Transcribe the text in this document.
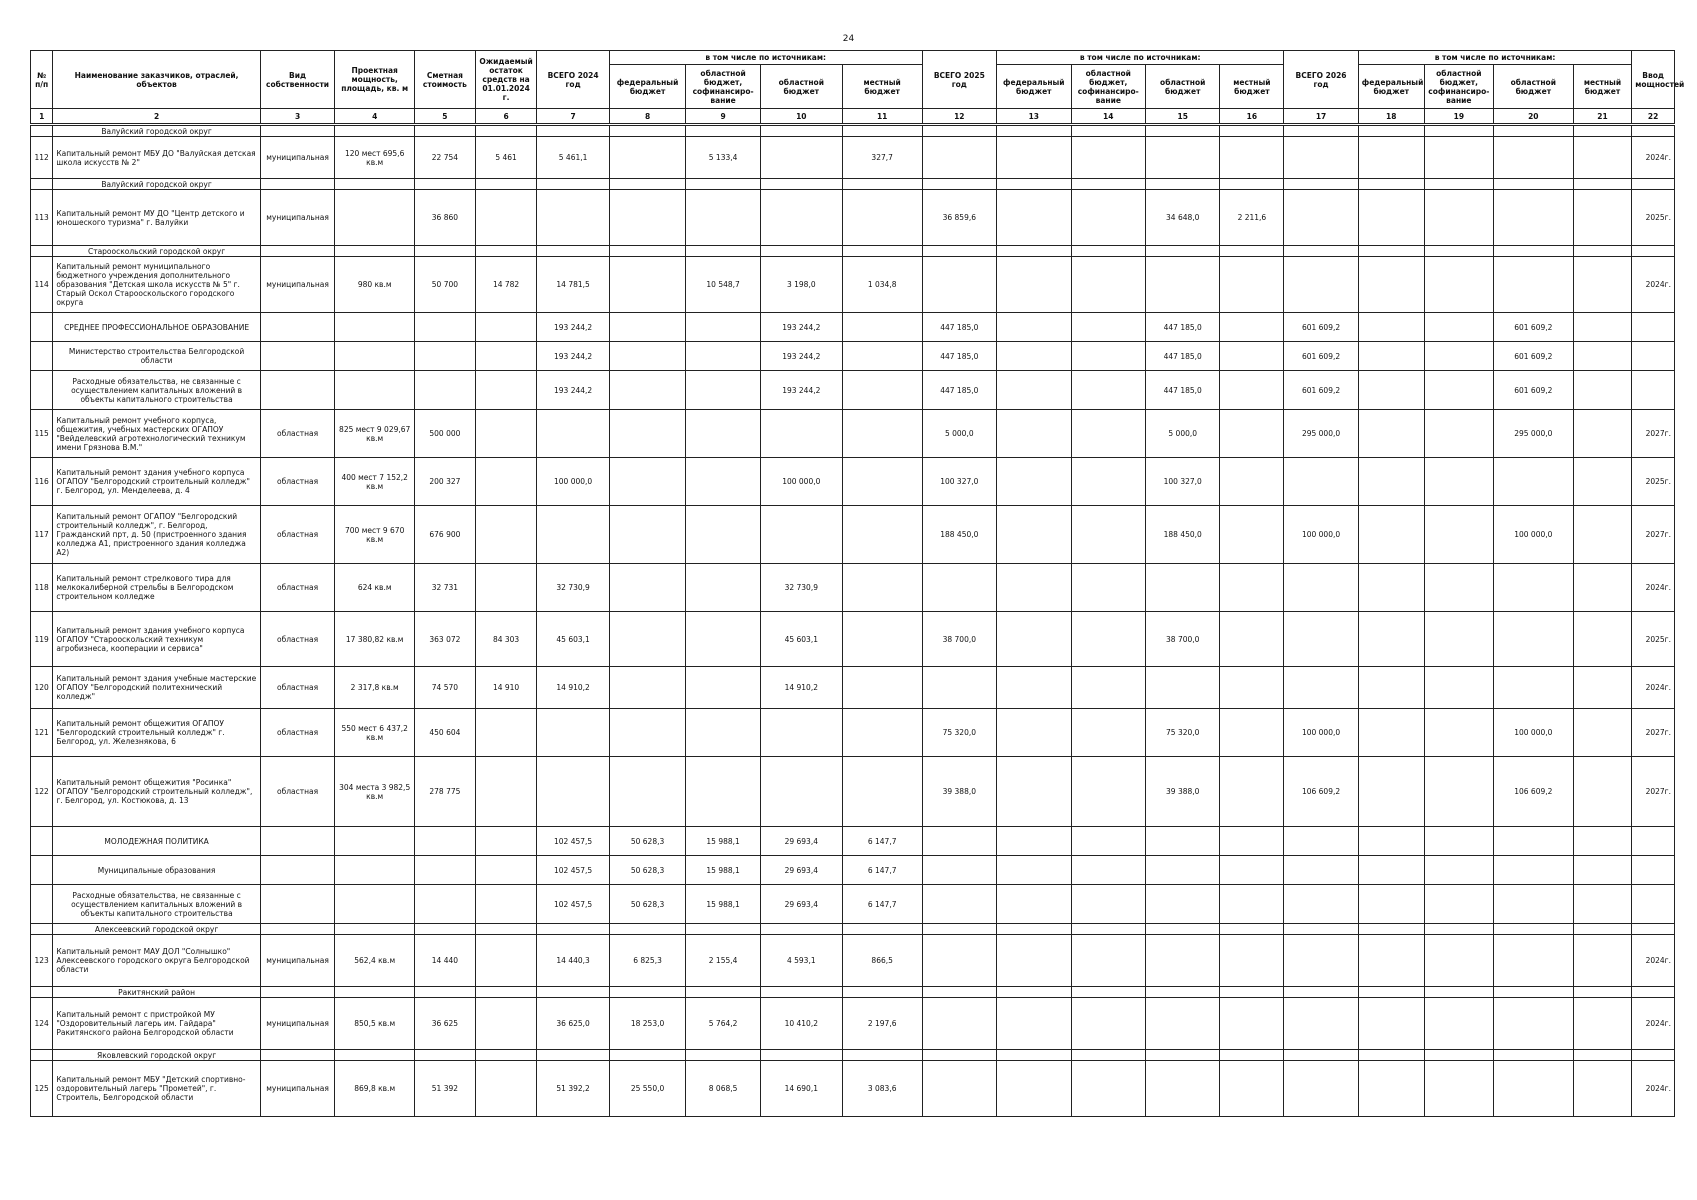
24
№ п/п	Наименование заказчиков, отраслей, объектов	Вид собственности	Проектная мощность, площадь, кв. м	Сметная стоимость	Ожидаемый остаток средств на 01.01.2024 г.	ВСЕГО 2024 год	в том числе по источникам:				ВСЕГО 2025 год	в том числе по источникам:				ВСЕГО 2026 год	в том числе по источникам:				Ввод мощностей
							федеральный бюджет	областной бюджет, софинансиро-вание	областной бюджет	местный бюджет		федеральный бюджет	областной бюджет, софинансиро-вание	областной бюджет	местный бюджет		федеральный бюджет	областной бюджет, софинансиро-вание	областной бюджет	местный бюджет	
1	2	3	4	5	6	7	8	9	10	11	12	13	14	15	16	17	18	19	20	21	22
	Валуйский городской округ																				
112	Капитальный ремонт МБУ ДО "Валуйская детская школа искусств № 2"	муниципальная	120 мест 695,6 кв.м	22 754	5 461	5 461,1		5 133,4		327,7											2024г.
	Валуйский городской округ																				
113	Капитальный ремонт МУ ДО "Центр детского и юношеского туризма" г. Валуйки	муниципальная		36 860							36 859,6			34 648,0	2 211,6						2025г.
	Старооскольский городской округ																				
114	Капитальный ремонт муниципального бюджетного учреждения дополнительного образования "Детская школа искусств № 5" г. Старый Оскол Старооскольского городского округа	муниципальная	980 кв.м	50 700	14 782	14 781,5		10 548,7	3 198,0	1 034,8											2024г.
	СРЕДНЕЕ ПРОФЕССИОНАЛЬНОЕ ОБРАЗОВАНИЕ					193 244,2			193 244,2		447 185,0			447 185,0		601 609,2			601 609,2		
	Министерство строительства Белгородской области					193 244,2			193 244,2		447 185,0			447 185,0		601 609,2			601 609,2		
	Расходные обязательства, не связанные с осуществлением капитальных вложений в объекты капитального строительства					193 244,2			193 244,2		447 185,0			447 185,0		601 609,2			601 609,2		
115	Капитальный ремонт учебного корпуса, общежития, учебных мастерских ОГАПОУ "Вейделевский агротехнологический техникум имени Грязнова В.М."	областная	825 мест 9 029,67 кв.м	500 000							5 000,0			5 000,0		295 000,0			295 000,0		2027г.
116	Капитальный ремонт здания учебного корпуса ОГАПОУ "Белгородский строительный колледж" г. Белгород, ул. Менделеева, д. 4	областная	400 мест 7 152,2 кв.м	200 327		100 000,0			100 000,0		100 327,0			100 327,0							2025г.
117	Капитальный ремонт ОГАПОУ "Белгородский строительный колледж", г. Белгород, Гражданский прт, д. 50 (пристроенного здания колледжа А1, пристроенного здания колледжа А2)	областная	700 мест 9 670 кв.м	676 900							188 450,0			188 450,0		100 000,0			100 000,0		2027г.
118	Капитальный ремонт стрелкового тира для мелкокалиберной стрельбы в Белгородском строительном колледже	областная	624 кв.м	32 731		32 730,9			32 730,9												2024г.
119	Капитальный ремонт здания учебного корпуса ОГАПОУ "Старооскольский техникум агробизнеса, кооперации и сервиса"	областная	17 380,82 кв.м	363 072	84 303	45 603,1			45 603,1		38 700,0			38 700,0							2025г.
120	Капитальный ремонт здания учебные мастерские ОГАПОУ "Белгородский политехнический колледж"	областная	2 317,8 кв.м	74 570	14 910	14 910,2			14 910,2												2024г.
121	Капитальный ремонт общежития ОГАПОУ "Белгородский строительный колледж" г. Белгород, ул. Железнякова, 6	областная	550 мест 6 437,2 кв.м	450 604							75 320,0			75 320,0		100 000,0			100 000,0		2027г.
122	Капитальный ремонт общежития "Росинка" ОГАПОУ "Белгородский строительный колледж", г. Белгород, ул. Костюкова, д. 13	областная	304 места 3 982,5 кв.м	278 775							39 388,0			39 388,0		106 609,2			106 609,2		2027г.
	МОЛОДЕЖНАЯ ПОЛИТИКА					102 457,5	50 628,3	15 988,1	29 693,4	6 147,7											
	Муниципальные образования					102 457,5	50 628,3	15 988,1	29 693,4	6 147,7											
	Расходные обязательства, не связанные с осуществлением капитальных вложений в объекты капитального строительства					102 457,5	50 628,3	15 988,1	29 693,4	6 147,7											
	Алексеевский городской округ																				
123	Капитальный ремонт МАУ ДОЛ "Солнышко" Алексеевского городского округа Белгородской области	муниципальная	562,4 кв.м	14 440		14 440,3	6 825,3	2 155,4	4 593,1	866,5											2024г.
	Ракитянский район																				
124	Капитальный ремонт с пристройкой МУ "Оздоровительный лагерь им. Гайдара" Ракитянского района Белгородской области	муниципальная	850,5 кв.м	36 625		36 625,0	18 253,0	5 764,2	10 410,2	2 197,6											2024г.
	Яковлевский городской округ																				
125	Капитальный ремонт МБУ "Детский спортивно-оздоровительный лагерь "Прометей", г. Строитель, Белгородской области	муниципальная	869,8 кв.м	51 392		51 392,2	25 550,0	8 068,5	14 690,1	3 083,6											2024г.
